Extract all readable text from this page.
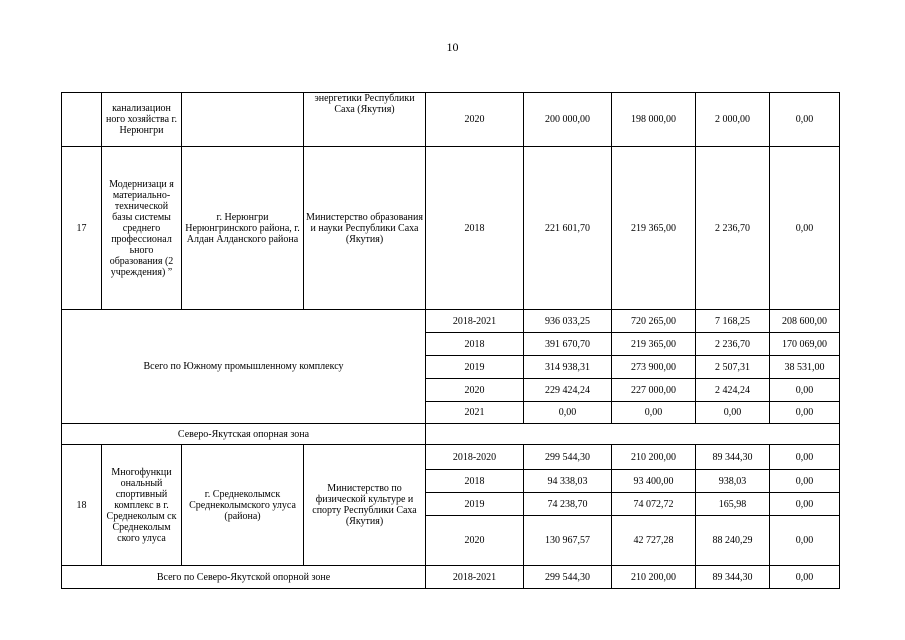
10
	канализацион ного хозяйства г. Нерюнгри		энергетики Республики Саха (Якутия)	2020	200 000,00	198 000,00	2 000,00	0,00
17	Модернизаци я материально-технической базы системы среднего профессионал ьного образования (2 учреждения) ”	г. Нерюнгри Нерюнгринского района, г. Алдан Алданского района	Министерство образования и науки Республики Саха (Якутия)	2018	221 601,70	219 365,00	2 236,70	0,00
Всего по Южному промышленному комплексу				2018-2021	936 033,25	720 265,00	7 168,25	208 600,00
				2018	391 670,70	219 365,00	2 236,70	170 069,00
				2019	314 938,31	273 900,00	2 507,31	38 531,00
				2020	229 424,24	227 000,00	2 424,24	0,00
				2021	0,00	0,00	0,00	0,00
Северо-Якутская опорная зона								
18	Многофункци ональный спортивный комплекс в г. Среднеколым ск Среднеколым ского улуса	г. Среднеколымск Среднеколымского улуса (района)	Министерство по физической культуре и спорту Республики Саха (Якутия)	2018-2020	299 544,30	210 200,00	89 344,30	0,00
				2018	94 338,03	93 400,00	938,03	0,00
				2019	74 238,70	74 072,72	165,98	0,00
				2020	130 967,57	42 727,28	88 240,29	0,00
Всего по Северо-Якутской опорной зоне				2018-2021	299 544,30	210 200,00	89 344,30	0,00
